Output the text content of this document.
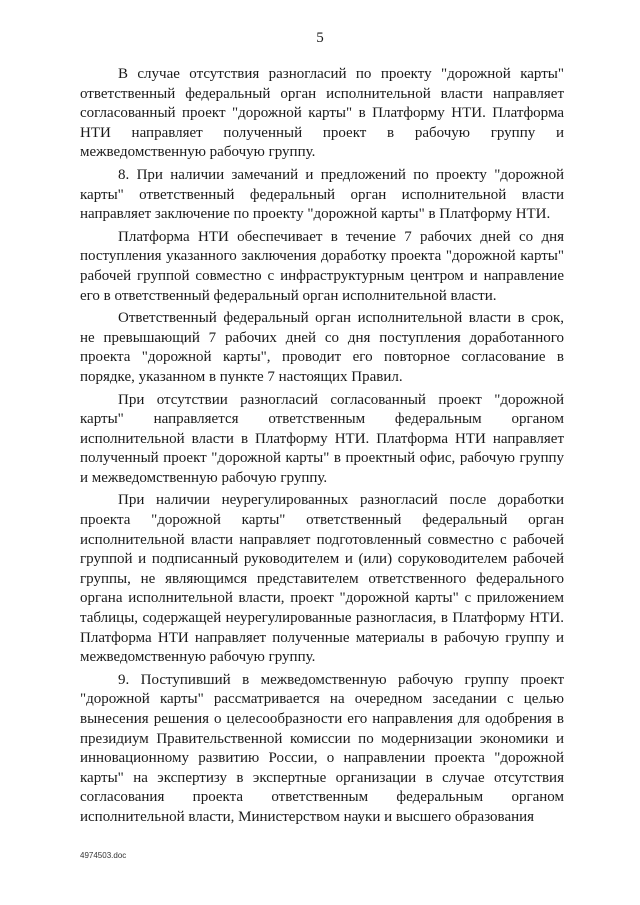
5

В случае отсутствия разногласий по проекту "дорожной карты" ответственный федеральный орган исполнительной власти направляет согласованный проект "дорожной карты" в Платформу НТИ. Платформа НТИ направляет полученный проект в рабочую группу и межведомственную рабочую группу.

8. При наличии замечаний и предложений по проекту "дорожной карты" ответственный федеральный орган исполнительной власти направляет заключение по проекту "дорожной карты" в Платформу НТИ.

Платформа НТИ обеспечивает в течение 7 рабочих дней со дня поступления указанного заключения доработку проекта "дорожной карты" рабочей группой совместно с инфраструктурным центром и направление его в ответственный федеральный орган исполнительной власти.

Ответственный федеральный орган исполнительной власти в срок, не превышающий 7 рабочих дней со дня поступления доработанного проекта "дорожной карты", проводит его повторное согласование в порядке, указанном в пункте 7 настоящих Правил.

При отсутствии разногласий согласованный проект "дорожной карты" направляется ответственным федеральным органом исполнительной власти в Платформу НТИ. Платформа НТИ направляет полученный проект "дорожной карты" в проектный офис, рабочую группу и межведомственную рабочую группу.

При наличии неурегулированных разногласий после доработки проекта "дорожной карты" ответственный федеральный орган исполнительной власти направляет подготовленный совместно с рабочей группой и подписанный руководителем и (или) соруководителем рабочей группы, не являющимся представителем ответственного федерального органа исполнительной власти, проект "дорожной карты" с приложением таблицы, содержащей неурегулированные разногласия, в Платформу НТИ. Платформа НТИ направляет полученные материалы в рабочую группу и межведомственную рабочую группу.

9. Поступивший в межведомственную рабочую группу проект "дорожной карты" рассматривается на очередном заседании с целью вынесения решения о целесообразности его направления для одобрения в президиум Правительственной комиссии по модернизации экономики и инновационному развитию России, о направлении проекта "дорожной карты" на экспертизу в экспертные организации в случае отсутствия согласования проекта ответственным федеральным органом исполнительной власти, Министерством науки и высшего образования

4974503.doc
